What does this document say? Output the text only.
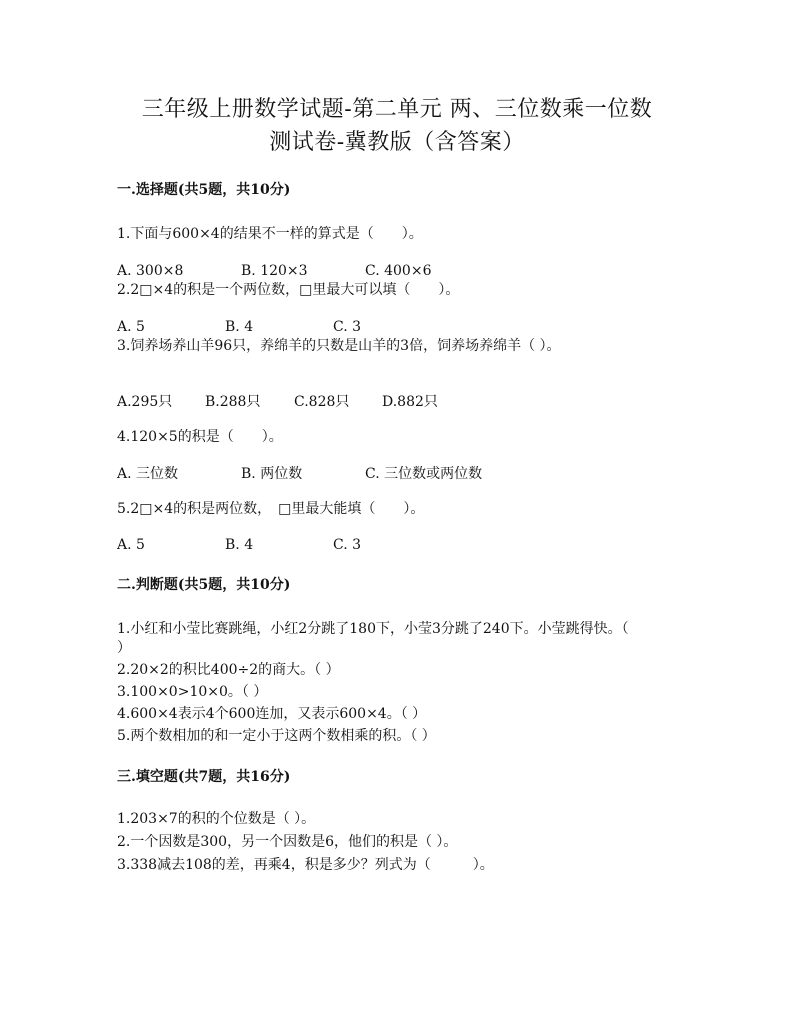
三年级上册数学试题-第二单元 两、三位数乘一位数
测试卷-冀教版（含答案）
一.选择题(共5题，共10分)
1.下面与600×4的结果不一样的算式是（　　）。
A. 300×8	B. 120×3	C. 400×6
2.2□×4的积是一个两位数，□里最大可以填（　　）。
A. 5	B. 4	C. 3
3.饲养场养山羊96只，养绵羊的只数是山羊的3倍，饲养场养绵羊（ ）。
A.295只 B.288只 C.828只 D.882只
4.120×5的积是（　　）。
A. 三位数	B. 两位数	C. 三位数或两位数
5.2□×4的积是两位数，　□里最大能填（　　）。
A. 5	B. 4	C. 3
二.判断题(共5题，共10分)
1.小红和小莹比赛跳绳，小红2分跳了180下，小莹3分跳了240下。小莹跳得快。（
）
2.20×2的积比400÷2的商大。（ ）
3.100×0>10×0。（ ）
4.600×4表示4个600连加，又表示600×4。（ ）
5.两个数相加的和一定小于这两个数相乘的积。（ ）
三.填空题(共7题，共16分)
1.203×7的积的个位数是（ ）。
2.一个因数是300，另一个因数是6，他们的积是（ ）。
3.338减去108的差，再乘4，积是多少？列式为（　　　）。
